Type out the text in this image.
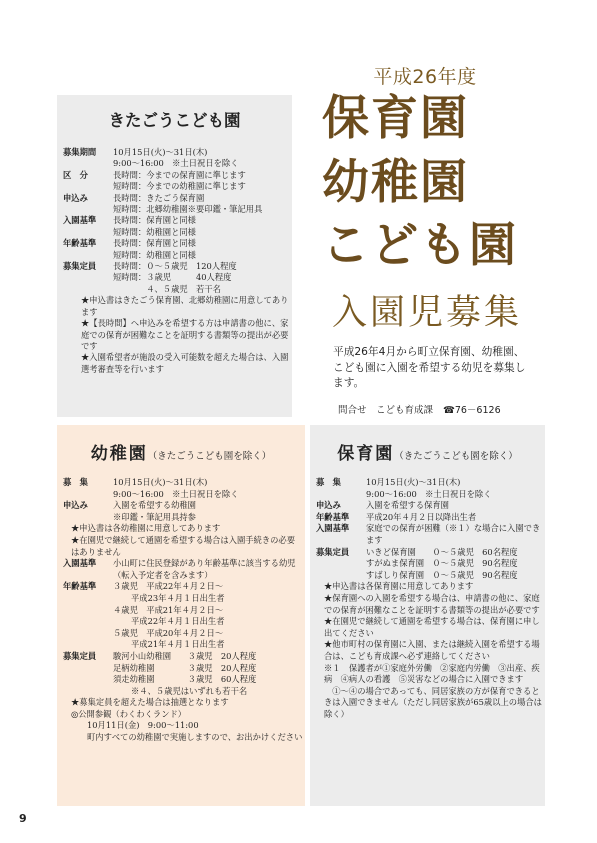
きたごうこども園
募集期間	10月15日(火)～31日(木)
9:00～16:00　※土日祝日を除く
区　分	長時間：今までの保育園に準じます
短時間：今までの幼稚園に準じます
申込み	長時間：きたごう保育園
短時間：北郷幼稚園※要印鑑・筆記用具
入園基準	長時間：保育園と同様
短時間：幼稚園と同様
年齢基準	長時間：保育園と同様
短時間：幼稚園と同様
募集定員	長時間：０～５歳児　120人程度
短時間：３歳児　　　40人程度
　　　　４、５歳児　若干名
★申込書はきたごう保育園、北郷幼稚園に用意してあります
★【長時間】へ申込みを希望する方は申請書の他に、家庭での保育が困難なことを証明する書類等の提出が必要です
★入園希望者が施設の受入可能数を超えた場合は、入園選考審査等を行います
平成26年度
保育園
幼稚園
こども園
入園児募集
平成26年4月から町立保育園、幼稚園、こども園に入園を希望する幼児を募集します。
問合せ　こども育成課 ☎76－6126
幼稚園（きたごうこども園を除く）
募　集	10月15日(火)～31日(木)
9:00～16:00　※土日祝日を除く
申込み	入園を希望する幼稚園
※印鑑・筆記用具持参
★申込書は各幼稚園に用意してあります
★在園児で継続して通園を希望する場合は入園手続きの必要はありません
入園基準	小山町に住民登録があり年齢基準に該当する幼児（転入予定者を含みます）
年齢基準	３歳児　平成22年４月２日～
平成23年４月１日出生者
４歳児　平成21年４月２日～
平成22年４月１日出生者
５歳児　平成20年４月２日～
平成21年４月１日出生者
募集定員	駿河小山幼稚園　　３歳児　20人程度
足柄幼稚園　　　　３歳児　20人程度
須走幼稚園　　　　３歳児　60人程度
※４、５歳児はいずれも若干名
★募集定員を超えた場合は抽選となります
◎公開参観（わくわくランド）
10月11日(金)　9:00～11:00
町内すべての幼稚園で実施しますので、お出かけください
保育園（きたごうこども園を除く）
募　集	10月15日(火)～31日(木)
9:00～16:00　※土日祝日を除く
申込み	入園を希望する保育園
年齢基準	平成20年４月２日以降出生者
入園基準	家庭での保育が困難（※１）な場合に入園できます
募集定員	いきど保育園　　０～５歳児　60名程度
すがぬま保育園　０～５歳児　90名程度
すばしり保育園　０～５歳児　90名程度
★申込書は各保育園に用意してあります
★保育園への入園を希望する場合は、申請書の他に、家庭での保育が困難なことを証明する書類等の提出が必要です
★在園児で継続して通園を希望する場合は、保育園に申し出てください
★他市町村の保育園に入園、または継続入園を希望する場合は、こども育成課へ必ず連絡してください
※１　保護者が①家庭外労働　②家庭内労働　③出産、疾病　④病人の看護　⑤災害などの場合に入園できます
　①～④の場合であっても、同居家族の方が保育できるときは入園できません（ただし同居家族が65歳以上の場合は除く）
9
